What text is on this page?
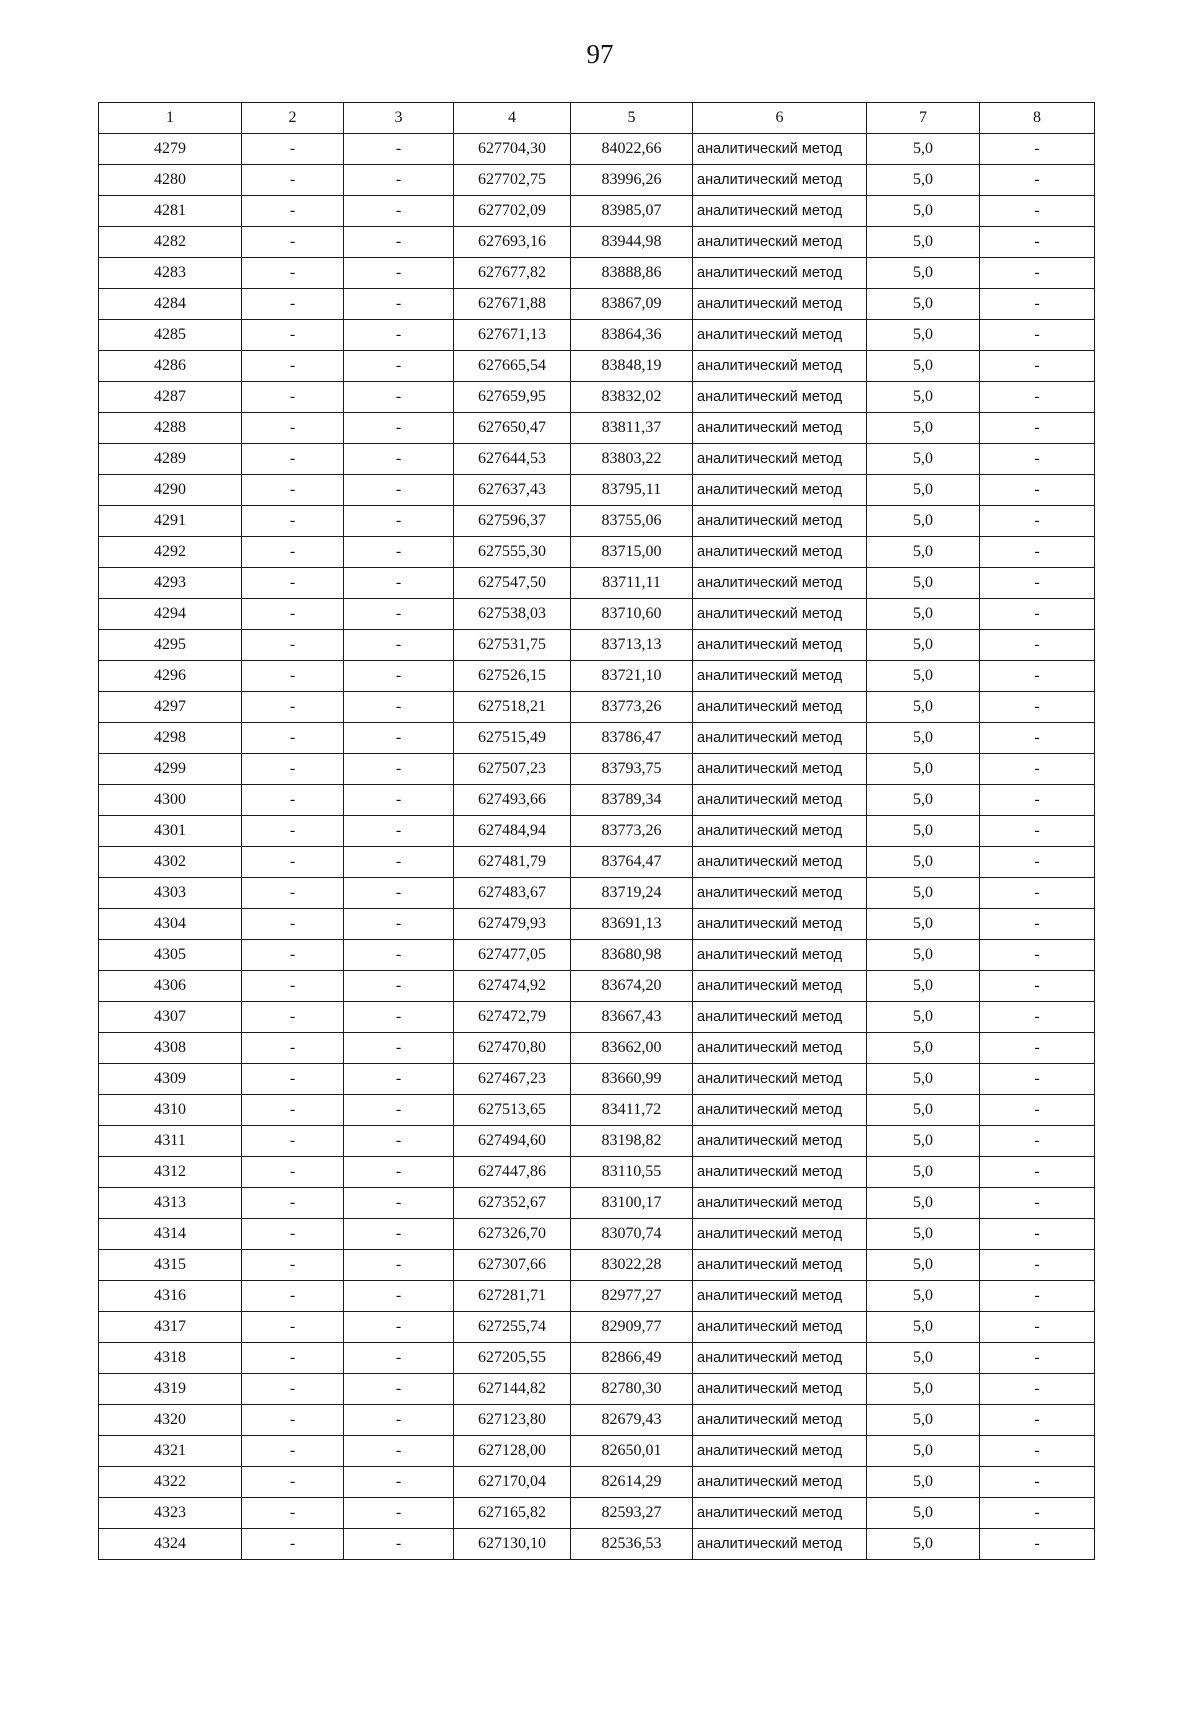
97
1	2	3	4	5	6	7	8
4279	-	-	627704,30	84022,66	аналитический метод	5,0	-
4280	-	-	627702,75	83996,26	аналитический метод	5,0	-
4281	-	-	627702,09	83985,07	аналитический метод	5,0	-
4282	-	-	627693,16	83944,98	аналитический метод	5,0	-
4283	-	-	627677,82	83888,86	аналитический метод	5,0	-
4284	-	-	627671,88	83867,09	аналитический метод	5,0	-
4285	-	-	627671,13	83864,36	аналитический метод	5,0	-
4286	-	-	627665,54	83848,19	аналитический метод	5,0	-
4287	-	-	627659,95	83832,02	аналитический метод	5,0	-
4288	-	-	627650,47	83811,37	аналитический метод	5,0	-
4289	-	-	627644,53	83803,22	аналитический метод	5,0	-
4290	-	-	627637,43	83795,11	аналитический метод	5,0	-
4291	-	-	627596,37	83755,06	аналитический метод	5,0	-
4292	-	-	627555,30	83715,00	аналитический метод	5,0	-
4293	-	-	627547,50	83711,11	аналитический метод	5,0	-
4294	-	-	627538,03	83710,60	аналитический метод	5,0	-
4295	-	-	627531,75	83713,13	аналитический метод	5,0	-
4296	-	-	627526,15	83721,10	аналитический метод	5,0	-
4297	-	-	627518,21	83773,26	аналитический метод	5,0	-
4298	-	-	627515,49	83786,47	аналитический метод	5,0	-
4299	-	-	627507,23	83793,75	аналитический метод	5,0	-
4300	-	-	627493,66	83789,34	аналитический метод	5,0	-
4301	-	-	627484,94	83773,26	аналитический метод	5,0	-
4302	-	-	627481,79	83764,47	аналитический метод	5,0	-
4303	-	-	627483,67	83719,24	аналитический метод	5,0	-
4304	-	-	627479,93	83691,13	аналитический метод	5,0	-
4305	-	-	627477,05	83680,98	аналитический метод	5,0	-
4306	-	-	627474,92	83674,20	аналитический метод	5,0	-
4307	-	-	627472,79	83667,43	аналитический метод	5,0	-
4308	-	-	627470,80	83662,00	аналитический метод	5,0	-
4309	-	-	627467,23	83660,99	аналитический метод	5,0	-
4310	-	-	627513,65	83411,72	аналитический метод	5,0	-
4311	-	-	627494,60	83198,82	аналитический метод	5,0	-
4312	-	-	627447,86	83110,55	аналитический метод	5,0	-
4313	-	-	627352,67	83100,17	аналитический метод	5,0	-
4314	-	-	627326,70	83070,74	аналитический метод	5,0	-
4315	-	-	627307,66	83022,28	аналитический метод	5,0	-
4316	-	-	627281,71	82977,27	аналитический метод	5,0	-
4317	-	-	627255,74	82909,77	аналитический метод	5,0	-
4318	-	-	627205,55	82866,49	аналитический метод	5,0	-
4319	-	-	627144,82	82780,30	аналитический метод	5,0	-
4320	-	-	627123,80	82679,43	аналитический метод	5,0	-
4321	-	-	627128,00	82650,01	аналитический метод	5,0	-
4322	-	-	627170,04	82614,29	аналитический метод	5,0	-
4323	-	-	627165,82	82593,27	аналитический метод	5,0	-
4324	-	-	627130,10	82536,53	аналитический метод	5,0	-
